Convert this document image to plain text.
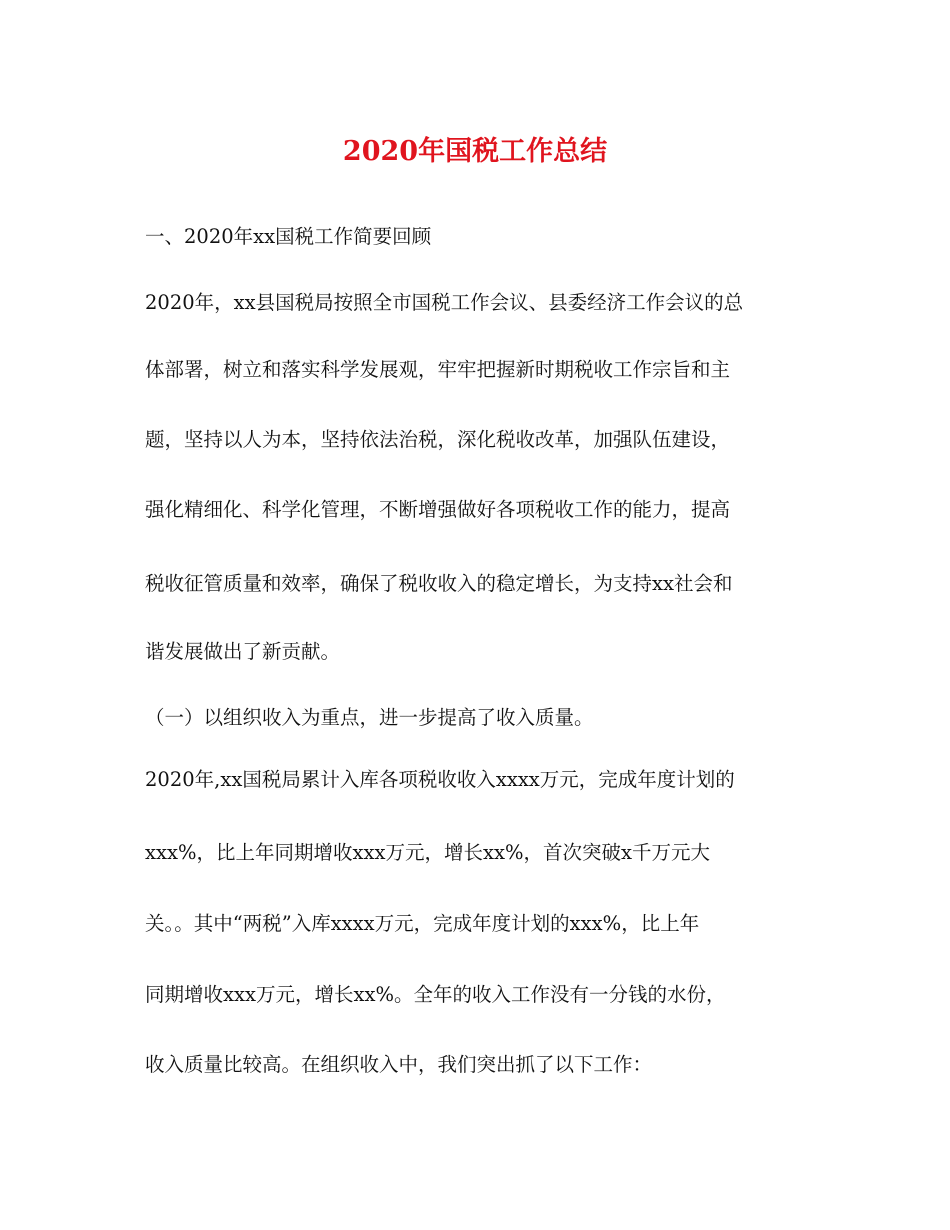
2020年国税工作总结
一、2020年xx国税工作简要回顾
2020年，xx县国税局按照全市国税工作会议、县委经济工作会议的总
体部署，树立和落实科学发展观，牢牢把握新时期税收工作宗旨和主
题，坚持以人为本，坚持依法治税，深化税收改革，加强队伍建设，
强化精细化、科学化管理，不断增强做好各项税收工作的能力，提高
税收征管质量和效率，确保了税收收入的稳定增长，为支持xx社会和
谐发展做出了新贡献。
（一）以组织收入为重点，进一步提高了收入质量。
2020年,xx国税局累计入库各项税收收入xxxx万元，完成年度计划的
xxx%，比上年同期增收xxx万元，增长xx%，首次突破x千万元大
关。。其中“两税”入库xxxx万元，完成年度计划的xxx%，比上年
同期增收xxx万元，增长xx%。全年的收入工作没有一分钱的水份，
收入质量比较高。在组织收入中，我们突出抓了以下工作：
